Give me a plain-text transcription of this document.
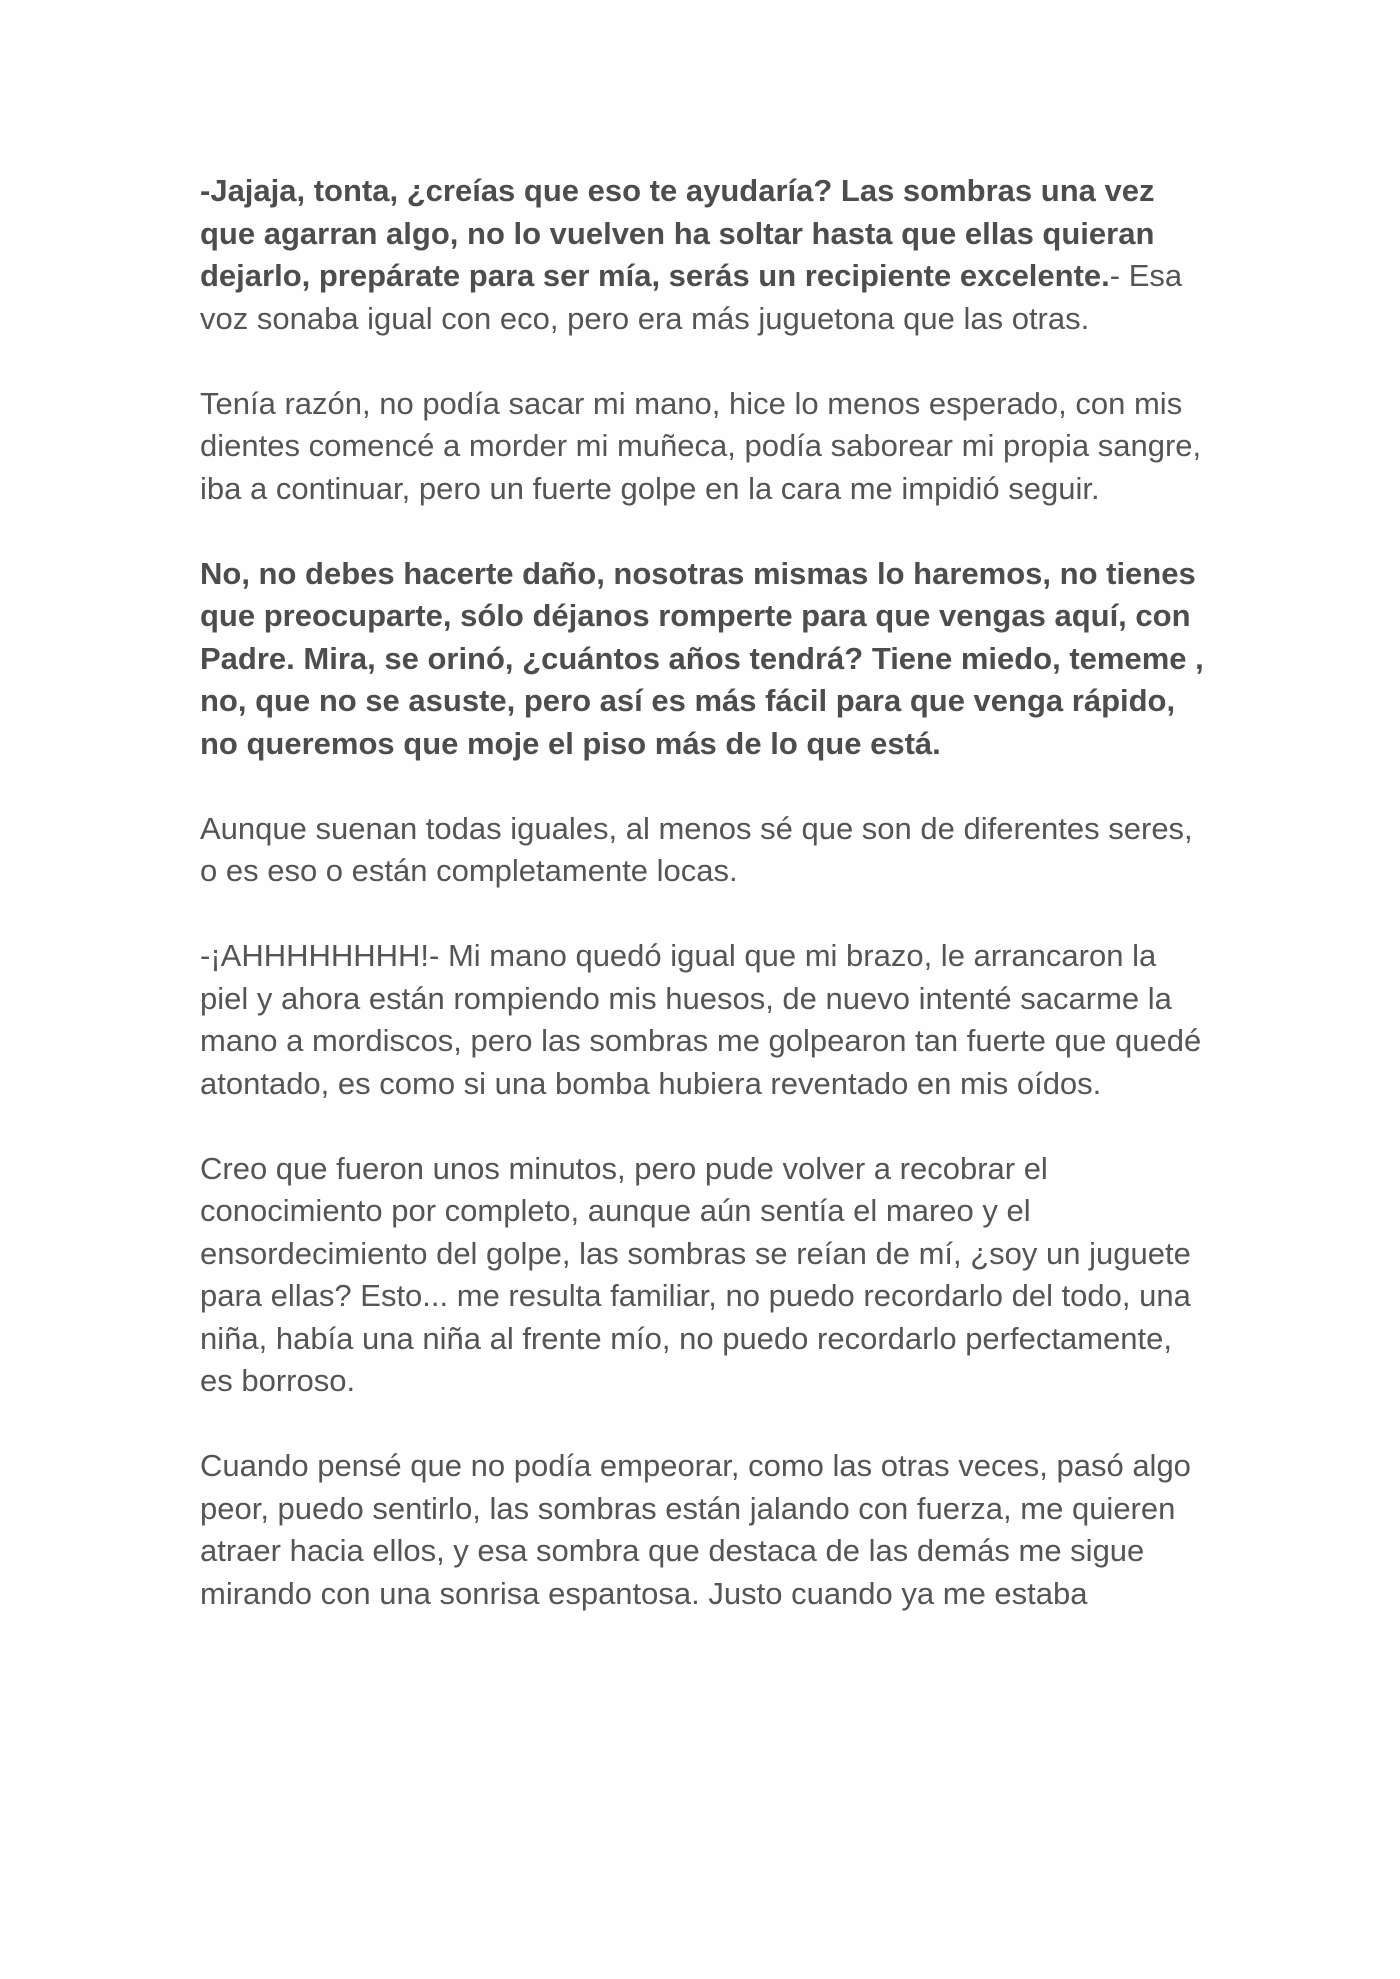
-Jajaja, tonta, ¿creías que eso te ayudaría? Las sombras una vez que agarran algo, no lo vuelven ha soltar hasta que ellas quieran dejarlo, prepárate para ser mía, serás un recipiente excelente.- Esa voz sonaba igual con eco, pero era más juguetona que las otras.

Tenía razón, no podía sacar mi mano, hice lo menos esperado, con mis dientes comencé a morder mi muñeca, podía saborear mi propia sangre, iba a continuar, pero un fuerte golpe en la cara me impidió seguir.

No, no debes hacerte daño, nosotras mismas lo haremos, no tienes que preocuparte, sólo déjanos romperte para que vengas aquí, con Padre. Mira, se orinó, ¿cuántos años tendrá? Tiene miedo, tememe , no, que no se asuste, pero así es más fácil para que venga rápido, no queremos que moje el piso más de lo que está.

Aunque suenan todas iguales, al menos sé que son de diferentes seres, o es eso o están completamente locas.

-¡AHHHHHHHH!- Mi mano quedó igual que mi brazo, le arrancaron la piel y ahora están rompiendo mis huesos, de nuevo intenté sacarme la mano a mordiscos, pero las sombras me golpearon tan fuerte que quedé atontado, es como si una bomba hubiera reventado en mis oídos.

Creo que fueron unos minutos, pero pude volver a recobrar el conocimiento por completo, aunque aún sentía el mareo y el ensordecimiento del golpe, las sombras se reían de mí, ¿soy un juguete para ellas? Esto... me resulta familiar, no puedo recordarlo del todo, una niña, había una niña al frente mío, no puedo recordarlo perfectamente, es borroso.

Cuando pensé que no podía empeorar, como las otras veces, pasó algo peor, puedo sentirlo, las sombras están jalando con fuerza, me quieren atraer hacia ellos, y esa sombra que destaca de las demás me sigue mirando con una sonrisa espantosa. Justo cuando ya me estaba
